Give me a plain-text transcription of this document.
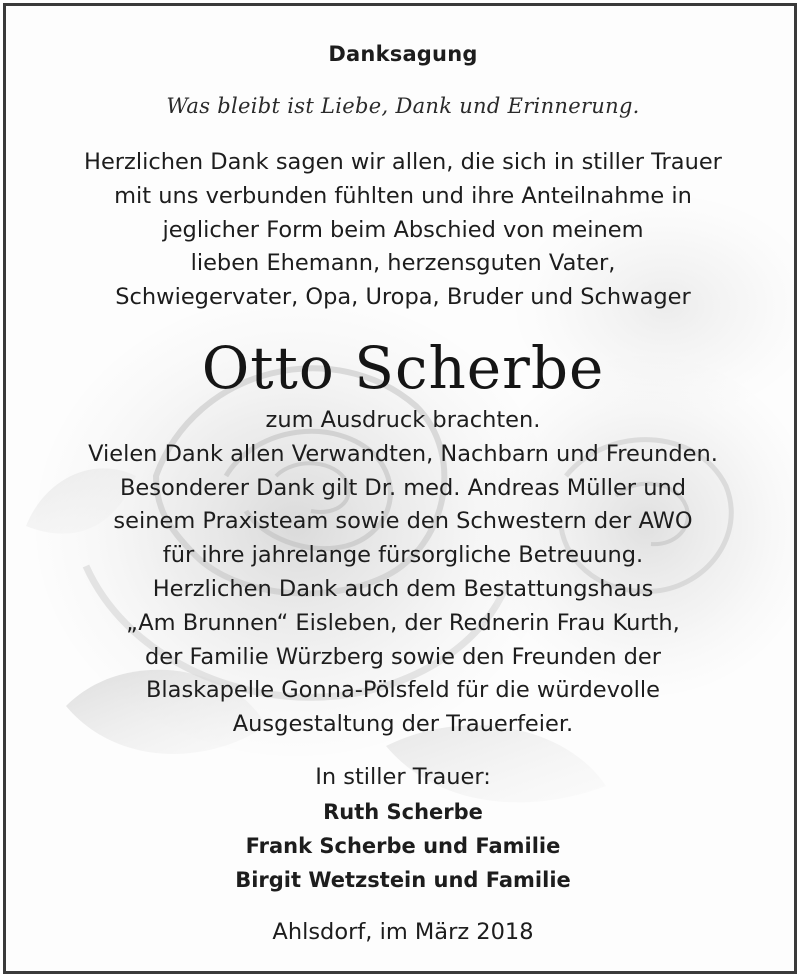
Danksagung
Was bleibt ist Liebe, Dank und Erinnerung.
Herzlichen Dank sagen wir allen, die sich in stiller Trauer
mit uns verbunden fühlten und ihre Anteilnahme in
jeglicher Form beim Abschied von meinem
lieben Ehemann, herzensguten Vater,
Schwiegervater, Opa, Uropa, Bruder und Schwager
Otto Scherbe
zum Ausdruck brachten.
Vielen Dank allen Verwandten, Nachbarn und Freunden.
Besonderer Dank gilt Dr. med. Andreas Müller und
seinem Praxisteam sowie den Schwestern der AWO
für ihre jahrelange fürsorgliche Betreuung.
Herzlichen Dank auch dem Bestattungshaus
„Am Brunnen“ Eisleben, der Rednerin Frau Kurth,
der Familie Würzberg sowie den Freunden der
Blaskapelle Gonna-Pölsfeld für die würdevolle
Ausgestaltung der Trauerfeier.
In stiller Trauer:
Ruth Scherbe
Frank Scherbe und Familie
Birgit Wetzstein und Familie
Ahlsdorf, im März 2018
